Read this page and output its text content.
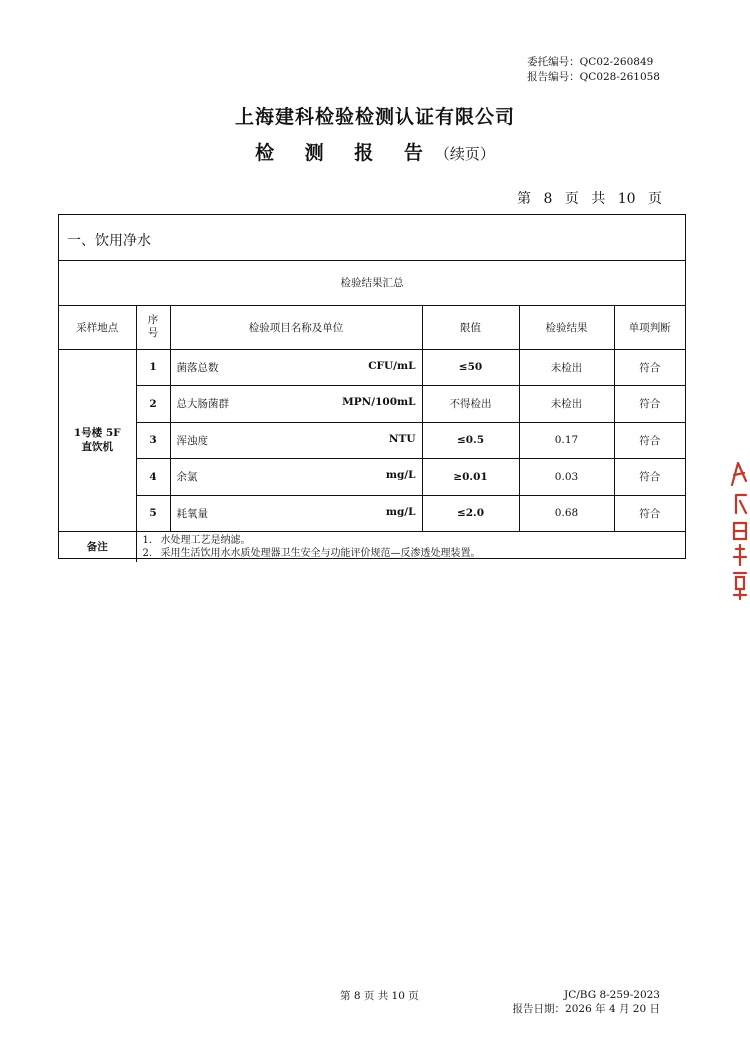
委托编号：QC02-260849
报告编号：QC028-261058
上海建科检验检测认证有限公司
检 测 报 告（续页）
第 8 页 共 10 页
一、饮用净水
检验结果汇总					
采样地点	序号	检验项目名称及单位	限值	检验结果	单项判断
1号楼 5F 直饮机	1	菌落总数 CFU/mL	≤50	未检出	符合
	2	总大肠菌群 MPN/100mL	不得检出	未检出	符合
	3	浑浊度 NTU	≤0.5	0.17	符合
	4	余氯 mg/L	≥0.01	0.03	符合
	5	耗氧量 mg/L	≤2.0	0.68	符合
备注	1. 水处理工艺是纳滤。
2. 采用生活饮用水水质处理器卫生安全与功能评价规范—反渗透处理装置。				
第 8 页 共 10 页	JC/BG 8-259-2023
报告日期：2026 年 4 月 20 日
